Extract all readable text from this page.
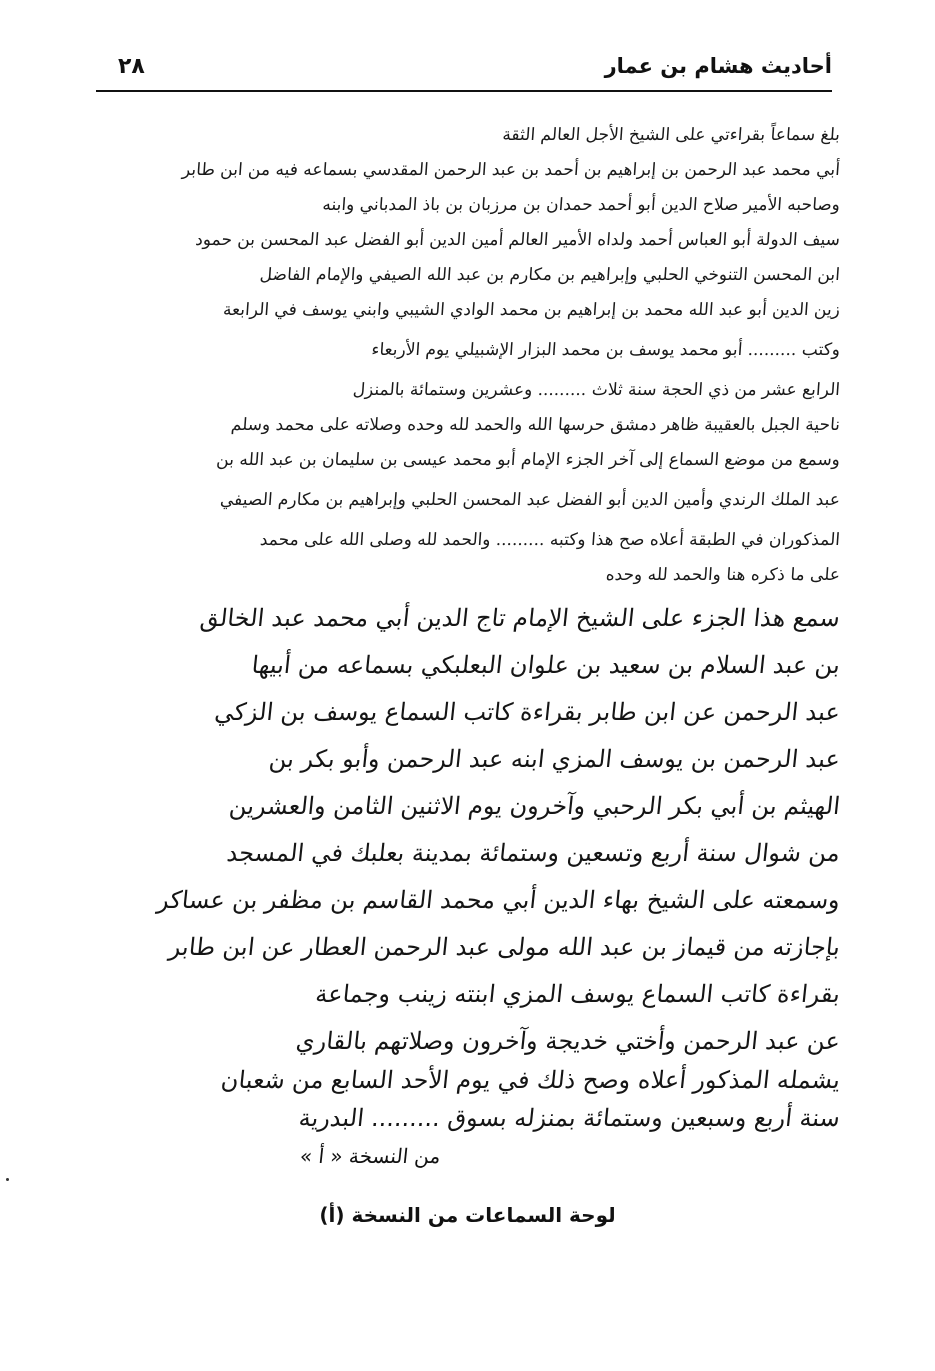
٢٨	أحاديث هشام بن عمار
بلغ سماعاً بقراءتي على الشيخ الأجل العالم الثقة
أبي محمد عبد الرحمن بن إبراهيم بن أحمد بن عبد الرحمن المقدسي بسماعه فيه من ابن طابر
وصاحبه الأمير صلاح الدين أبو أحمد حمدان بن مرزبان بن باذ المدباني وابنه
سيف الدولة أبو العباس أحمد ولداه الأمير العالم أمين الدين أبو الفضل عبد المحسن بن حمود
ابن المحسن التنوخي الحلبي وإبراهيم بن مكارم بن عبد الله الصيفي والإمام الفاضل
زين الدين أبو عبد الله محمد بن إبراهيم بن محمد الوادي الشيبي وابني يوسف في الرابعة
وكتب ......... أبو محمد يوسف بن محمد البزار الإشبيلي يوم الأربعاء
الرابع عشر من ذي الحجة سنة ثلاث ......... وعشرين وستمائة بالمنزل
ناحية الجبل بالعقيبة ظاهر دمشق حرسها الله والحمد لله وحده وصلاته على محمد وسلم
وسمع من موضع السماع إلى آخر الجزء الإمام أبو محمد عيسى بن سليمان بن عبد الله بن
عبد الملك الرندي وأمين الدين أبو الفضل عبد المحسن الحلبي وإبراهيم بن مكارم الصيفي
المذكوران في الطبقة أعلاه صح هذا وكتبه ......... والحمد لله وصلى الله على محمد
على ما ذكره هنا والحمد لله وحده
سمع هذا الجزء على الشيخ الإمام تاج الدين أبي محمد عبد الخالق
بن عبد السلام بن سعيد بن علوان البعلبكي بسماعه من أبيها
عبد الرحمن عن ابن طابر بقراءة كاتب السماع يوسف بن الزكي
عبد الرحمن بن يوسف المزي ابنه عبد الرحمن وأبو بكر بن
الهيثم بن أبي بكر الرحبي وآخرون يوم الاثنين الثامن والعشرين
من شوال سنة أربع وتسعين وستمائة بمدينة بعلبك في المسجد
وسمعته على الشيخ بهاء الدين أبي محمد القاسم بن مظفر بن عساكر
بإجازته من قيماز بن عبد الله مولى عبد الرحمن العطار عن ابن طابر
بقراءة كاتب السماع يوسف المزي ابنته زينب وجماعة
عن عبد الرحمن وأختي خديجة وآخرون وصلاتهم بالقاري
يشمله المذكور أعلاه وصح ذلك في يوم الأحد السابع من شعبان
سنة أربع وسبعين وستمائة بمنزله بسوق ......... البدرية
من النسخة « أ »
لوحة السماعات من النسخة (أ)
